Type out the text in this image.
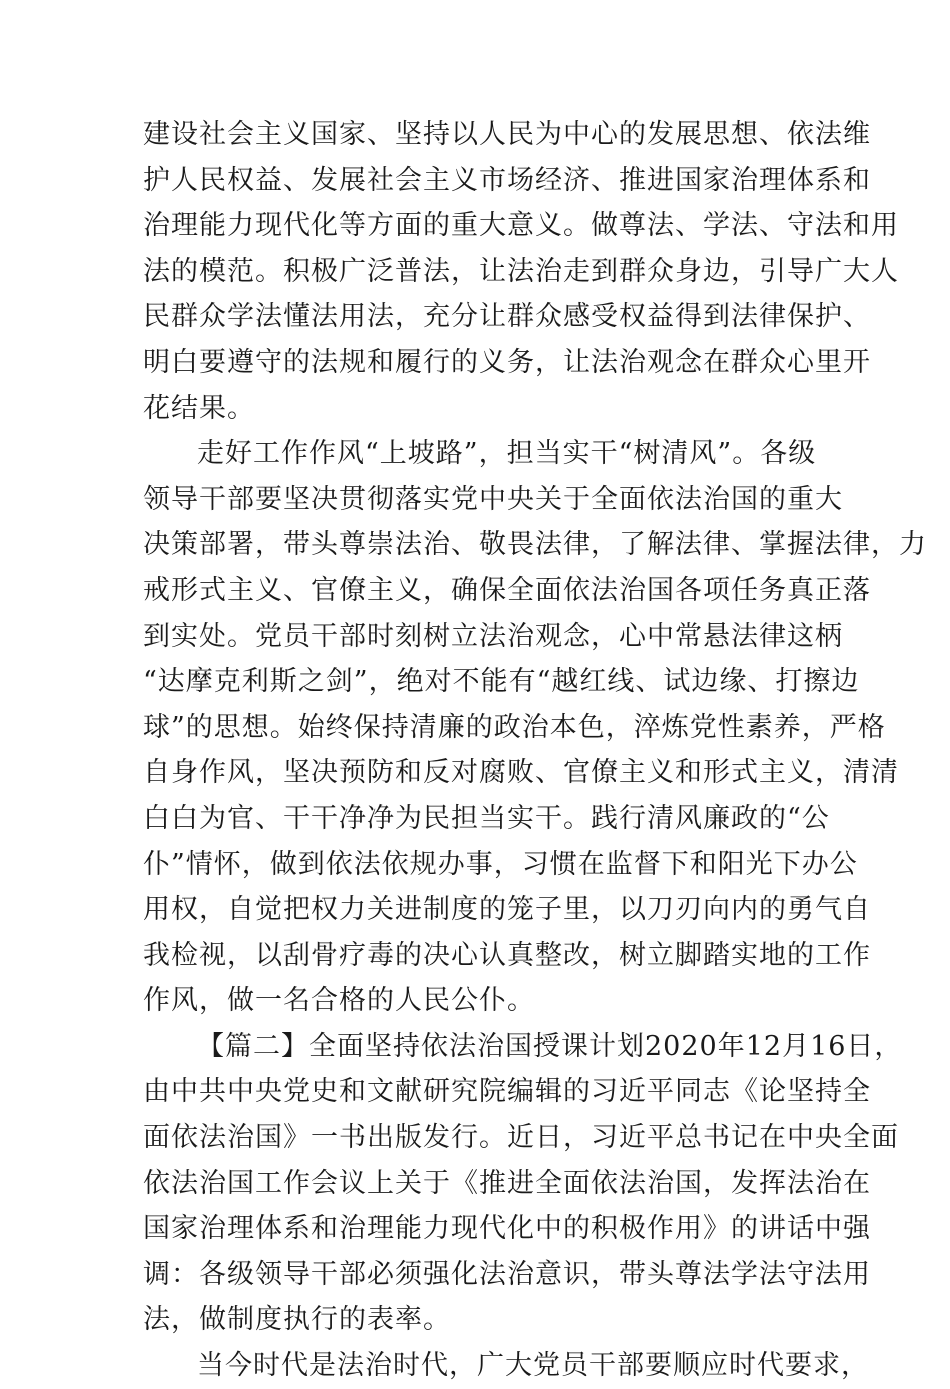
建设社会主义国家、坚持以人民为中心的发展思想、依法维
护人民权益、发展社会主义市场经济、推进国家治理体系和
治理能力现代化等方面的重大意义。做尊法、学法、守法和用
法的模范。积极广泛普法，让法治走到群众身边，引导广大人
民群众学法懂法用法，充分让群众感受权益得到法律保护、
明白要遵守的法规和履行的义务，让法治观念在群众心里开
花结果。
走好工作作风“上坡路”，担当实干“树清风”。各级
领导干部要坚决贯彻落实党中央关于全面依法治国的重大
决策部署，带头尊崇法治、敬畏法律，了解法律、掌握法律，力
戒形式主义、官僚主义，确保全面依法治国各项任务真正落
到实处。党员干部时刻树立法治观念，心中常悬法律这柄
“达摩克利斯之剑”，绝对不能有“越红线、试边缘、打擦边
球”的思想。始终保持清廉的政治本色，淬炼党性素养，严格
自身作风，坚决预防和反对腐败、官僚主义和形式主义，清清
白白为官、干干净净为民担当实干。践行清风廉政的“公
仆”情怀，做到依法依规办事，习惯在监督下和阳光下办公
用权，自觉把权力关进制度的笼子里，以刀刃向内的勇气自
我检视，以刮骨疗毒的决心认真整改，树立脚踏实地的工作
作风，做一名合格的人民公仆。
【篇二】全面坚持依法治国授课计划2020年12月16日，
由中共中央党史和文献研究院编辑的习近平同志《论坚持全
面依法治国》一书出版发行。近日，习近平总书记在中央全面
依法治国工作会议上关于《推进全面依法治国，发挥法治在
国家治理体系和治理能力现代化中的积极作用》的讲话中强
调：各级领导干部必须强化法治意识，带头尊法学法守法用
法，做制度执行的表率。
当今时代是法治时代，广大党员干部要顺应时代要求，
